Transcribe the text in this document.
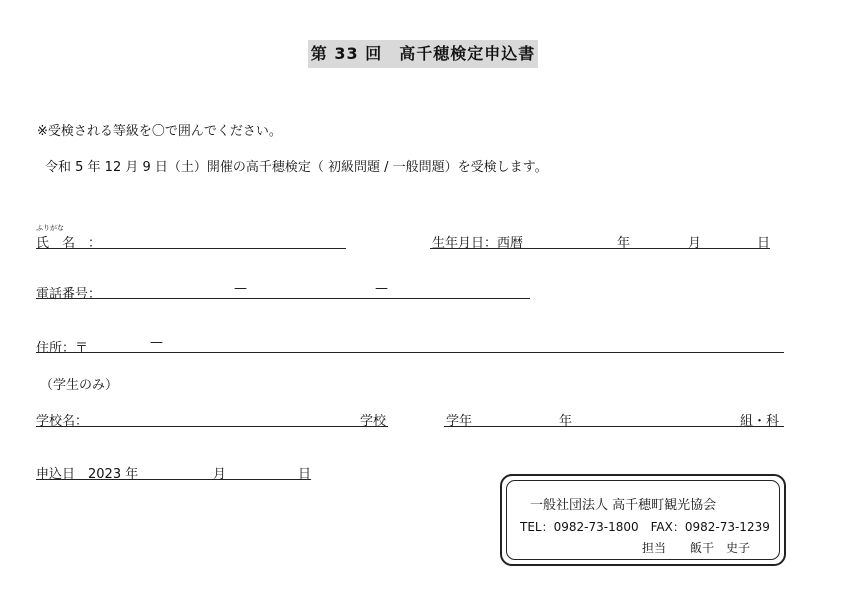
第 33 回　高千穂検定申込書
※受検される等級を〇で囲んでください。
令和 5 年 12 月 9 日（土）開催の高千穂検定（ 初級問題 / 一般問題）を受検します。
ふりがな
氏　名　：	生年月日：西暦	年	月	日
電話番号：	—	—
住所：〒	—
（学生のみ）
学校名：	学校	学年	年	組・科
申込日　2023 年	月	日
一般社団法人 高千穂町観光協会
TEL：0982-73-1800　FAX：0982-73-1239
担当　　飯干　史子
